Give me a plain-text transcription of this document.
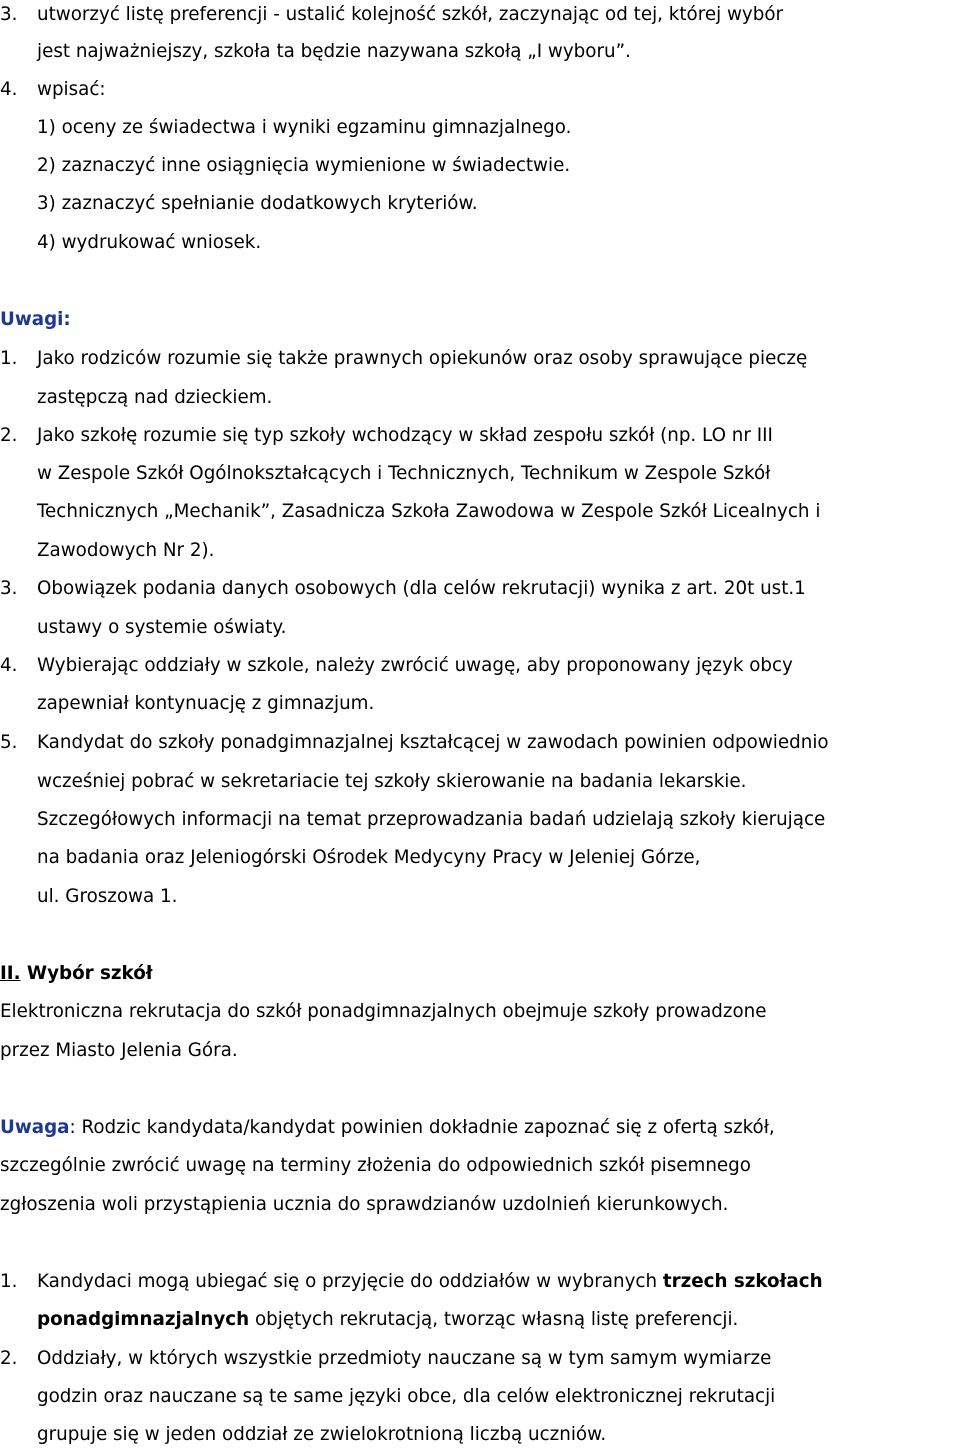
3. utworzyć listę preferencji - ustalić kolejność szkół, zaczynając od tej, której wybór
jest najważniejszy, szkoła ta będzie nazywana szkołą „I wyboru”.
4. wpisać:
1) oceny ze świadectwa i wyniki egzaminu gimnazjalnego.
2) zaznaczyć inne osiągnięcia wymienione w świadectwie.
3) zaznaczyć spełnianie dodatkowych kryteriów.
4) wydrukować wniosek.
Uwagi:
1. Jako rodziców rozumie się także prawnych opiekunów oraz osoby sprawujące pieczę
zastępczą nad dzieckiem.
2. Jako szkołę rozumie się typ szkoły wchodzący w skład zespołu szkół (np. LO nr III
w Zespole Szkół Ogólnokształcących i Technicznych, Technikum w Zespole Szkół
Technicznych „Mechanik”, Zasadnicza Szkoła Zawodowa w Zespole Szkół Licealnych i
Zawodowych Nr 2).
3. Obowiązek podania danych osobowych (dla celów rekrutacji) wynika z art. 20t ust.1
ustawy o systemie oświaty.
4. Wybierając oddziały w szkole, należy zwrócić uwagę, aby proponowany język obcy
zapewniał kontynuację z gimnazjum.
5. Kandydat do szkoły ponadgimnazjalnej kształcącej w zawodach powinien odpowiednio
wcześniej pobrać w sekretariacie tej szkoły skierowanie na badania lekarskie.
Szczegółowych informacji na temat przeprowadzania badań udzielają szkoły kierujące
na badania oraz Jeleniogórski Ośrodek Medycyny Pracy w Jeleniej Górze,
ul. Groszowa 1.
II. Wybór szkół
Elektroniczna rekrutacja do szkół ponadgimnazjalnych obejmuje szkoły prowadzone
przez Miasto Jelenia Góra.
Uwaga: Rodzic kandydata/kandydat powinien dokładnie zapoznać się z ofertą szkół,
szczególnie zwrócić uwagę na terminy złożenia do odpowiednich szkół pisemnego
zgłoszenia woli przystąpienia ucznia do sprawdzianów uzdolnień kierunkowych.
1. Kandydaci mogą ubiegać się o przyjęcie do oddziałów w wybranych trzech szkołach
ponadgimnazjalnych objętych rekrutacją, tworząc własną listę preferencji.
2. Oddziały, w których wszystkie przedmioty nauczane są w tym samym wymiarze
godzin oraz nauczane są te same języki obce, dla celów elektronicznej rekrutacji
grupuje się w jeden oddział ze zwielokrotnioną liczbą uczniów.
